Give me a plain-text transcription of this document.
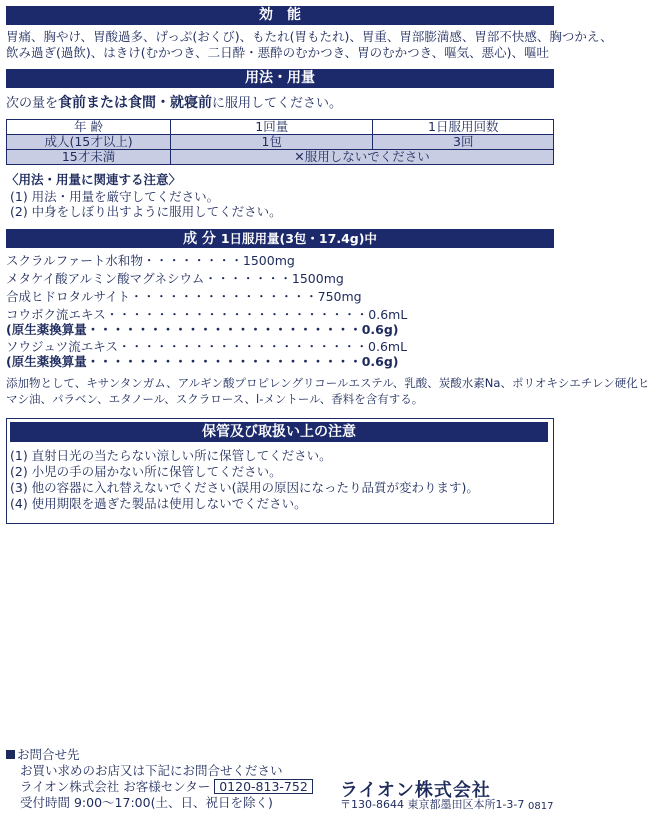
効　能
胃痛、胸やけ、胃酸過多、げっぷ(おくび)、もたれ(胃もたれ)、胃重、胃部膨満感、胃部不快感、胸つかえ、
飲み過ぎ(過飲)、はきけ(むかつき、二日酔・悪酔のむかつき、胃のむかつき、嘔気、悪心)、嘔吐
用法・用量
次の量を食前または食間・就寝前に服用してください。
年 齢	1回量	1日服用回数
成人(15才以上)	1包	3回
15才未満	✕服用しないでください	
〈用法・用量に関連する注意〉
(1) 用法・用量を厳守してください。
(2) 中身をしぼり出すように服用してください。
成 分 1日服用量(3包・17.4g)中
スクラルファート水和物・・・・・・・・1500mg
メタケイ酸アルミン酸マグネシウム・・・・・・・1500mg
合成ヒドロタルサイト・・・・・・・・・・・・・・・750mg
コウボク流エキス・・・・・・・・・・・・・・・・・・・・・0.6mL
(原生薬換算量・・・・・・・・・・・・・・・・・・・・・・0.6g)
ソウジュツ流エキス・・・・・・・・・・・・・・・・・・・・0.6mL
(原生薬換算量・・・・・・・・・・・・・・・・・・・・・・0.6g)
添加物として、キサンタンガム、アルギン酸プロピレングリコールエステル、乳酸、炭酸水素Na、ポリオキシエチレン硬化ヒ
マシ油、パラベン、エタノール、スクラロース、l-メントール、香料を含有する。
保管及び取扱い上の注意
(1) 直射日光の当たらない涼しい所に保管してください。
(2) 小児の手の届かない所に保管してください。
(3) 他の容器に入れ替えないでください(誤用の原因になったり品質が変わります)。
(4) 使用期限を過ぎた製品は使用しないでください。
お問合せ先
お買い求めのお店又は下記にお問合せください
ライオン株式会社 お客様センター 0120-813-752
受付時間 9:00～17:00(土、日、祝日を除く)
ライオン株式会社
〒130-8644 東京都墨田区本所1-3-7 0817
